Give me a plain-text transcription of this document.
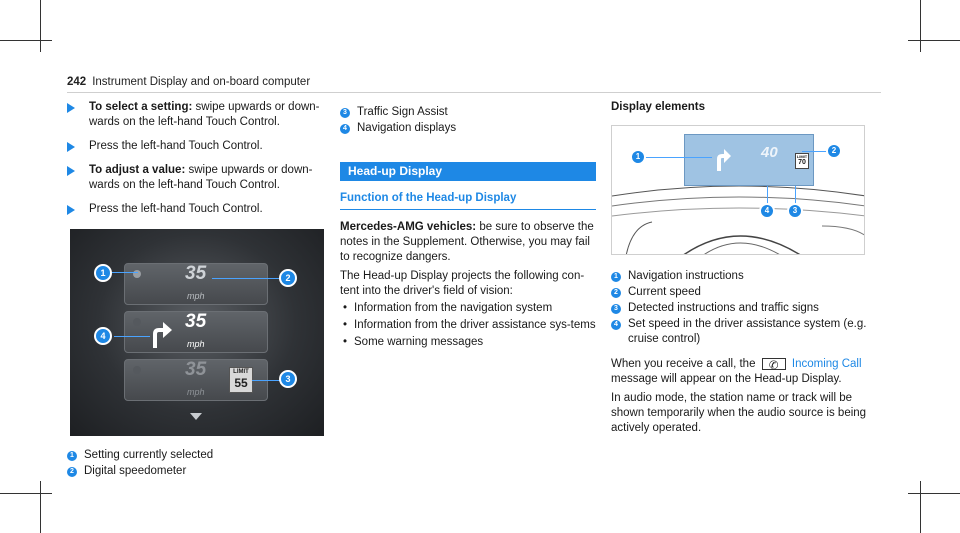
242 Instrument Display and on-board computer
To select a setting: swipe upwards or down-wards on the left-hand Touch Control.
Press the left-hand Touch Control.
To adjust a value: swipe upwards or down-wards on the left-hand Touch Control.
Press the left-hand Touch Control.
35
mph
35
mph
35
mph
LIMIT
55
1	2
4
3
1 Setting currently selected
2 Digital speedometer
3 Traffic Sign Assist
4 Navigation displays
Head-up Display
Function of the Head-up Display
Mercedes-AMG vehicles: be sure to observe the notes in the Supplement. Otherwise, you may fail to recognize dangers.
The Head-up Display projects the following con-tent into the driver's field of vision:
• Information from the navigation system
• Information from the driver assistance sys-tems
• Some warning messages
Display elements
40	LIMIT
70
1
2
4	3
1 Navigation instructions
2 Current speed
3 Detected instructions and traffic signs
4 Set speed in the driver assistance system (e.g. cruise control)
When you receive a call, the ✆ Incoming Call message will appear on the Head-up Display.
In audio mode, the station name or track will be shown temporarily when the audio source is being actively operated.
